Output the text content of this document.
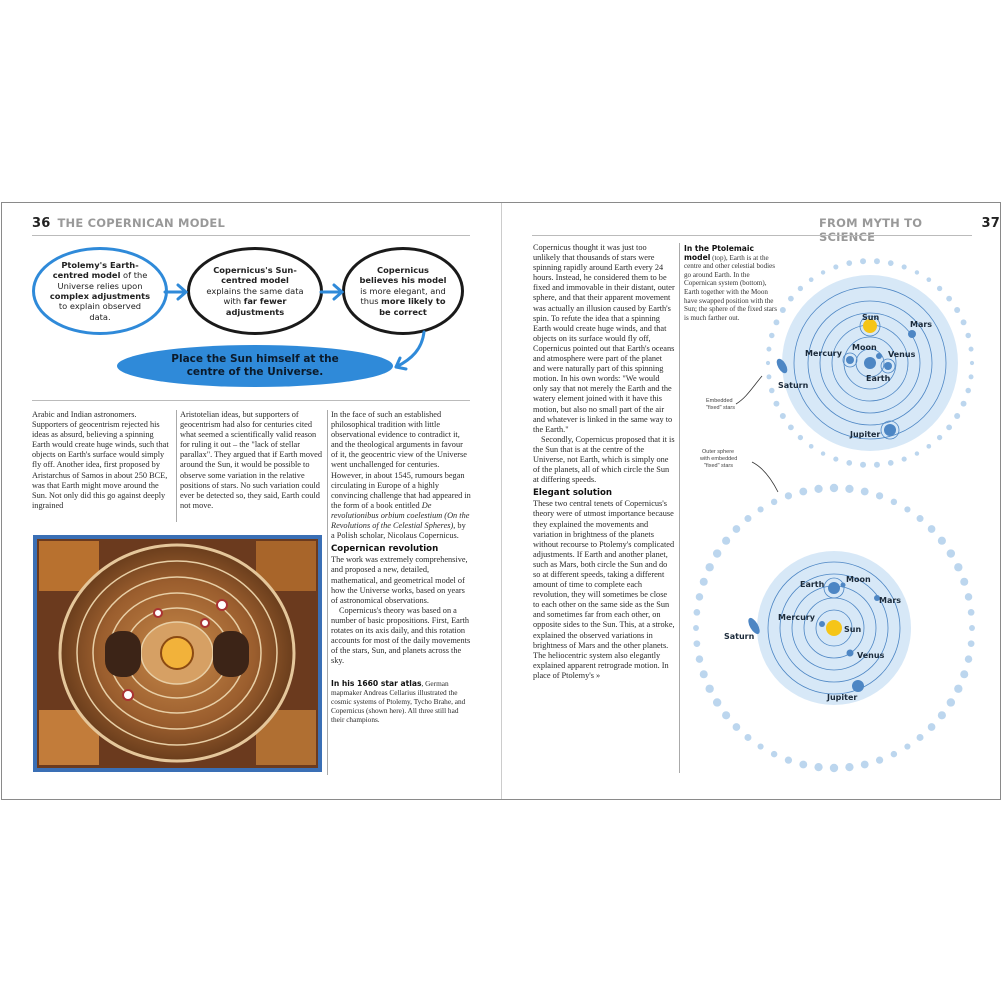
36 THE COPERNICAN MODEL	FROM MYTH TO SCIENCE
37
Ptolemy's Earth-centred model of the Universe relies upon complex adjustments to explain observed data.
Copernicus's Sun-centred model explains the same data with far fewer adjustments
Copernicus believes his model is more elegant, and thus more likely to be correct
Place the Sun himself at the centre of the Universe.

Arabic and Indian astronomers. Supporters of geocentrism rejected his ideas as absurd, believing a spinning Earth would create huge winds, such that objects on Earth's surface would simply fly off. Another idea, first proposed by Aristarchus of Samos in about 250 BCE, was that Earth might move around the Sun. Not only did this go against deeply ingrained

Aristotelian ideas, but supporters of geocentrism had also for centuries cited what seemed a scientifically valid reason for ruling it out – the "lack of stellar parallax". They argued that if Earth moved around the Sun, it would be possible to observe some variation in the relative positions of stars. No such variation could ever be detected so, they said, Earth could not move.

In the face of such an established philosophical tradition with little observational evidence to contradict it, and the theological arguments in favour of it, the geocentric view of the Universe went unchallenged for centuries. However, in about 1545, rumours began circulating in Europe of a highly convincing challenge that had appeared in the form of a book entitled De revolutionibus orbium coelestium (On the Revolutions of the Celestial Spheres), by a Polish scholar, Nicolaus Copernicus.

Copernican revolution

The work was extremely comprehensive, and proposed a new, detailed, mathematical, and geometrical model of how the Universe works, based on years of astronomical observations.

Copernicus's theory was based on a number of basic propositions. First, Earth rotates on its axis daily, and this rotation accounts for most of the daily movements of the stars, Sun, and planets across the sky.

In his 1660 star atlas, German mapmaker Andreas Cellarius illustrated the cosmic systems of Ptolemy, Tycho Brahe, and Copernicus (shown here). All three still had their champions.

Copernicus thought it was just too unlikely that thousands of stars were spinning rapidly around Earth every 24 hours. Instead, he considered them to be fixed and immovable in their distant, outer sphere, and that their apparent movement was actually an illusion caused by Earth's spin. To refute the idea that a spinning Earth would create huge winds, and that objects on its surface would fly off, Copernicus pointed out that Earth's oceans and atmosphere were part of the planet and were naturally part of this spinning motion. In his own words: "We would only say that not merely the Earth and the watery element joined with it have this motion, but also no small part of the air and whatever is linked in the same way to the Earth."

Secondly, Copernicus proposed that it is the Sun that is at the centre of the Universe, not Earth, which is simply one of the planets, all of which circle the Sun at differing speeds.

Elegant solution

These two central tenets of Copernicus's theory were of utmost importance because they explained the movements and variation in brightness of the planets without recourse to Ptolemy's complicated adjustments. If Earth and another planet, such as Mars, both circle the Sun and do so at different speeds, taking a different amount of time to complete each revolution, they will sometimes be close to each other on the same side as the Sun and sometimes far from each other, on opposite sides to the Sun. This, at a stroke, explained the observed variations in brightness of Mars and the other planets. The heliocentric system also elegantly explained apparent retrograde motion. In place of Ptolemy's »

In the Ptolemaic model (top), Earth is at the centre and other celestial bodies go around Earth. In the Copernican system (bottom), Earth together with the Moon have swapped position with the Sun; the sphere of the fixed stars is much farther out.	Sun
Mars
Mercury
Moon
Venus
Earth
Saturn
Jupiter
Embedded
"fixed" stars
Earth
Moon
Mars
Mercury
Sun
Saturn
Venus
Jupiter
Outer sphere
with embedded
"fixed" stars
